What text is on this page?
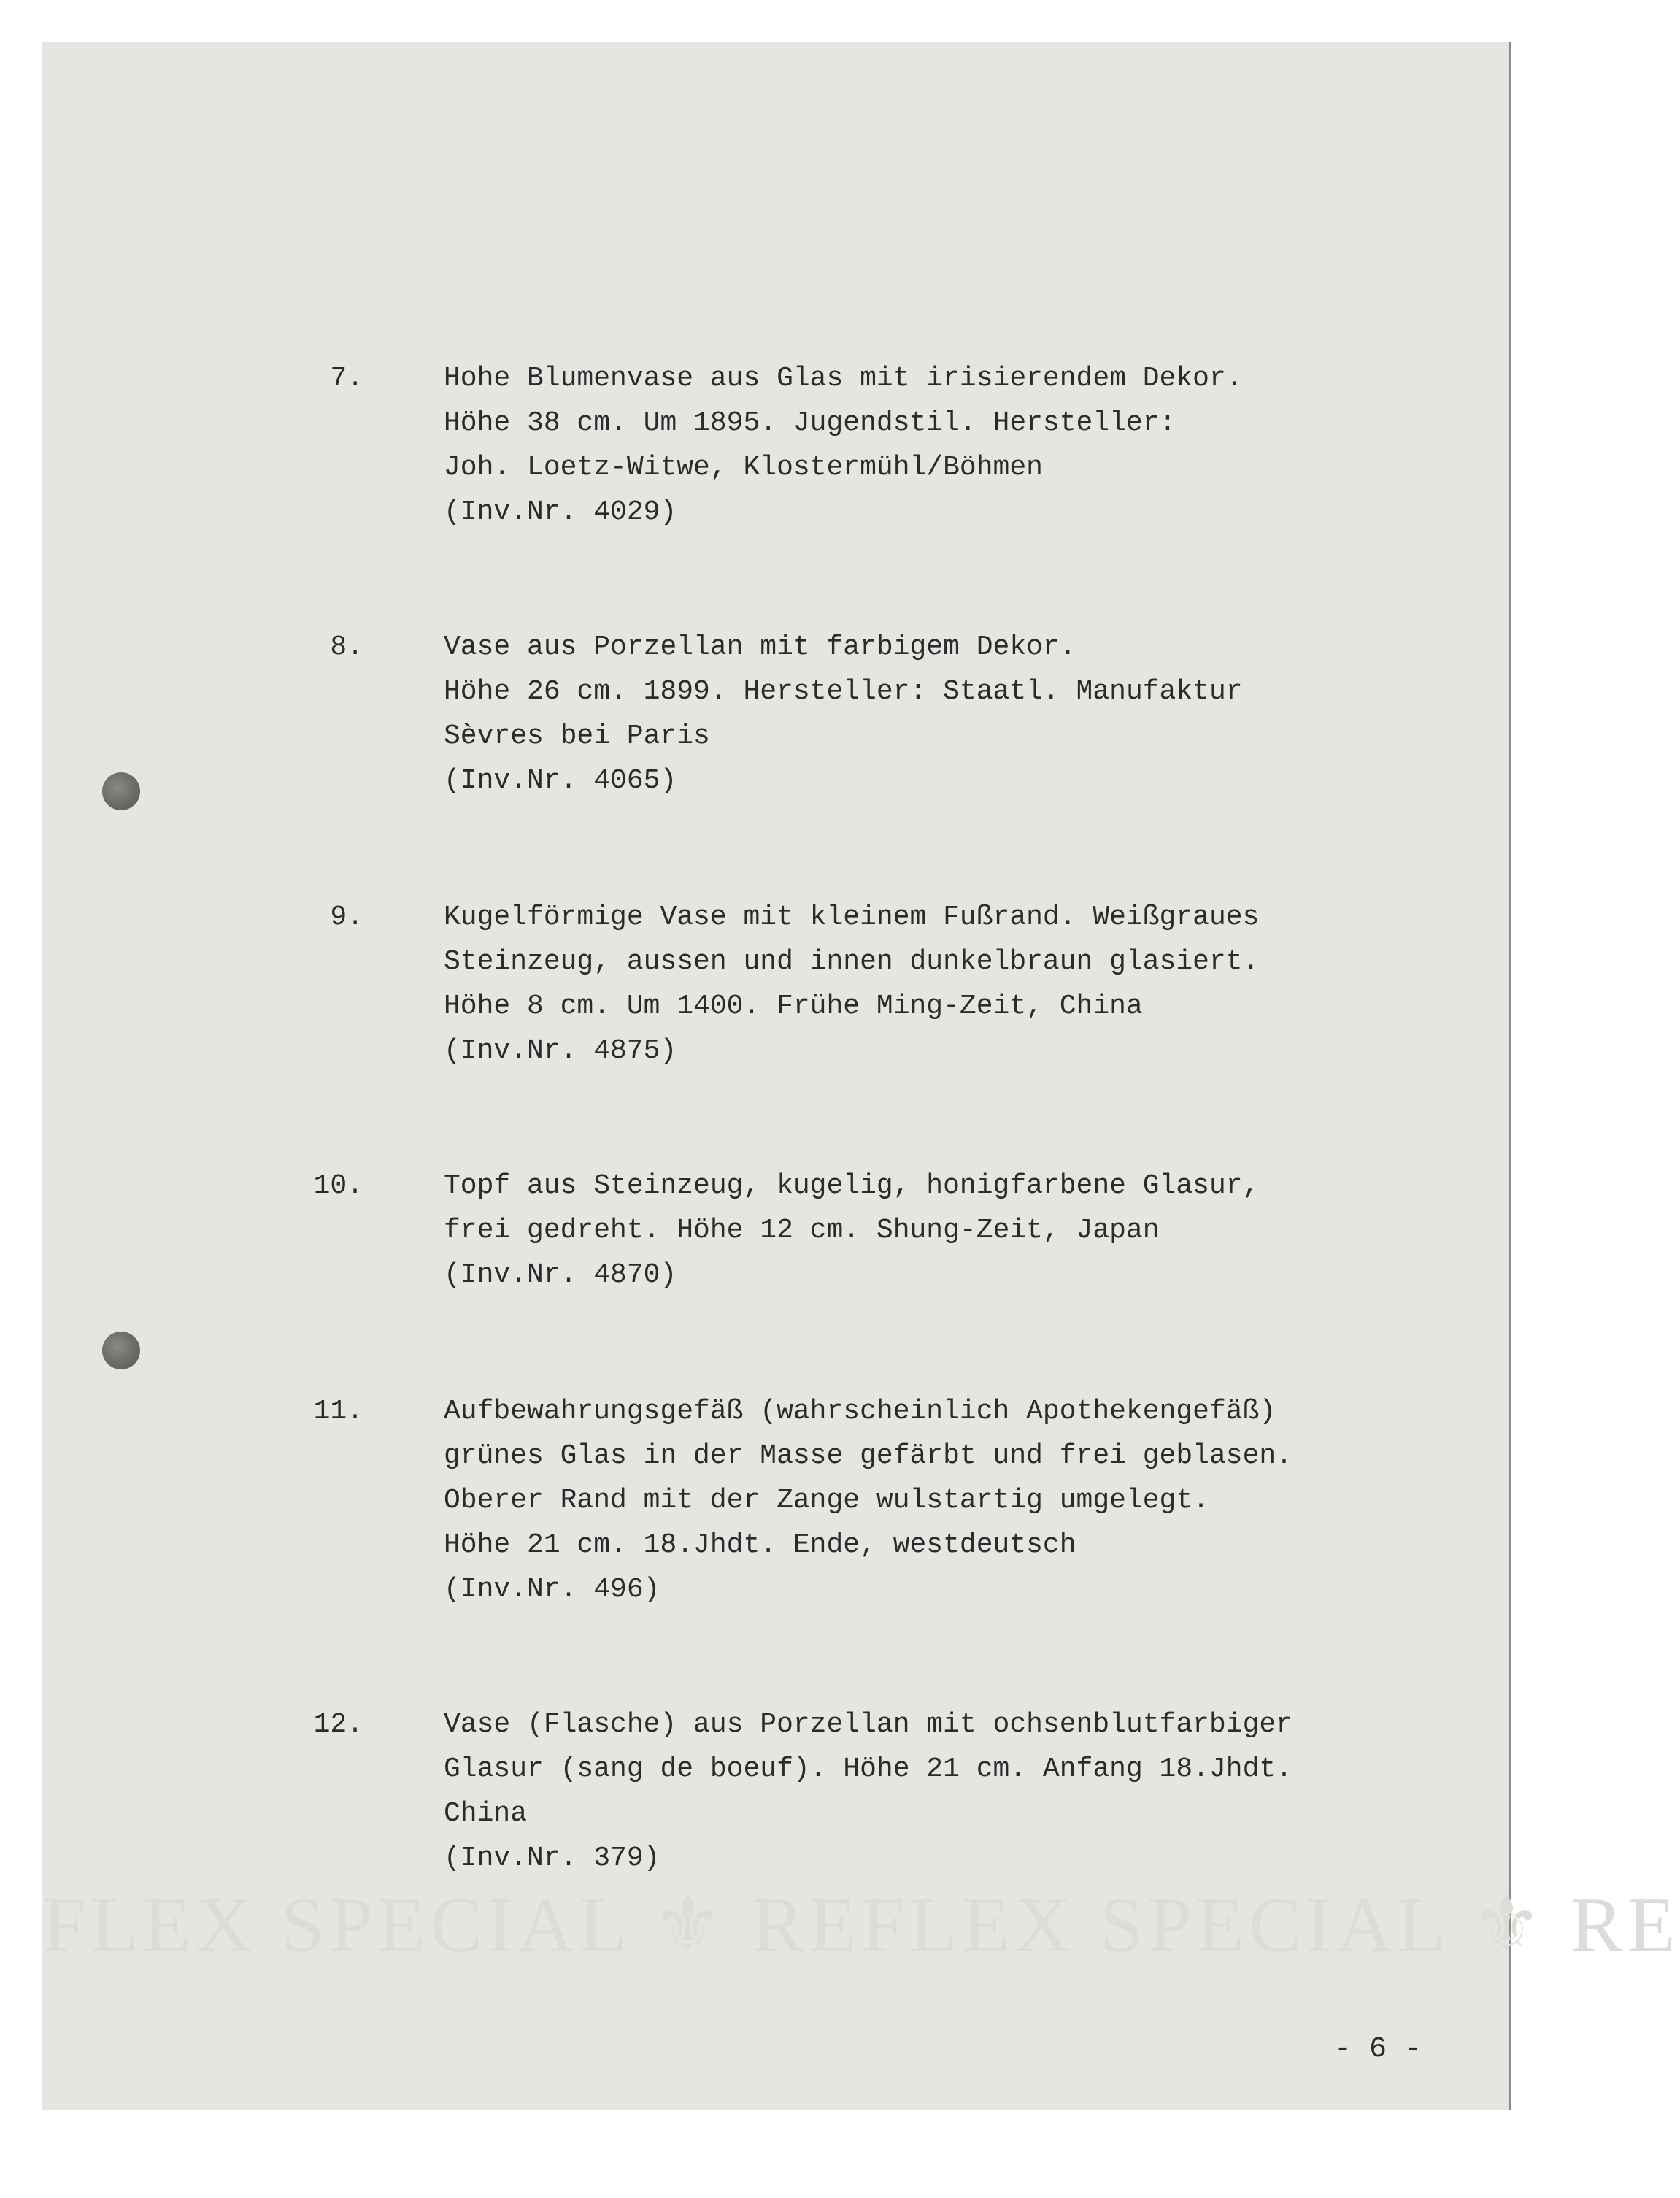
FLEX SPECIAL ⚜ REFLEX SPECIAL ⚜ RE
7.	Hohe Blumenvase aus Glas mit irisierendem Dekor.
Höhe 38 cm. Um 1895. Jugendstil. Hersteller:
Joh. Loetz-Witwe, Klostermühl/Böhmen
(Inv.Nr. 4029)
8.	Vase aus Porzellan mit farbigem Dekor.
Höhe 26 cm. 1899. Hersteller: Staatl. Manufaktur
Sèvres bei Paris
(Inv.Nr. 4065)
9.	Kugelförmige Vase mit kleinem Fußrand. Weißgraues
Steinzeug, aussen und innen dunkelbraun glasiert.
Höhe 8 cm. Um 1400. Frühe Ming-Zeit, China
(Inv.Nr. 4875)
10.	Topf aus Steinzeug, kugelig, honigfarbene Glasur,
frei gedreht. Höhe 12 cm. Shung-Zeit, Japan
(Inv.Nr. 4870)
11.	Aufbewahrungsgefäß (wahrscheinlich Apothekengefäß)
grünes Glas in der Masse gefärbt und frei geblasen.
Oberer Rand mit der Zange wulstartig umgelegt.
Höhe 21 cm. 18.Jhdt. Ende, westdeutsch
(Inv.Nr. 496)
12.	Vase (Flasche) aus Porzellan mit ochsenblutfarbiger
Glasur (sang de boeuf). Höhe 21 cm. Anfang 18.Jhdt.
China
(Inv.Nr. 379)
- 6 -
